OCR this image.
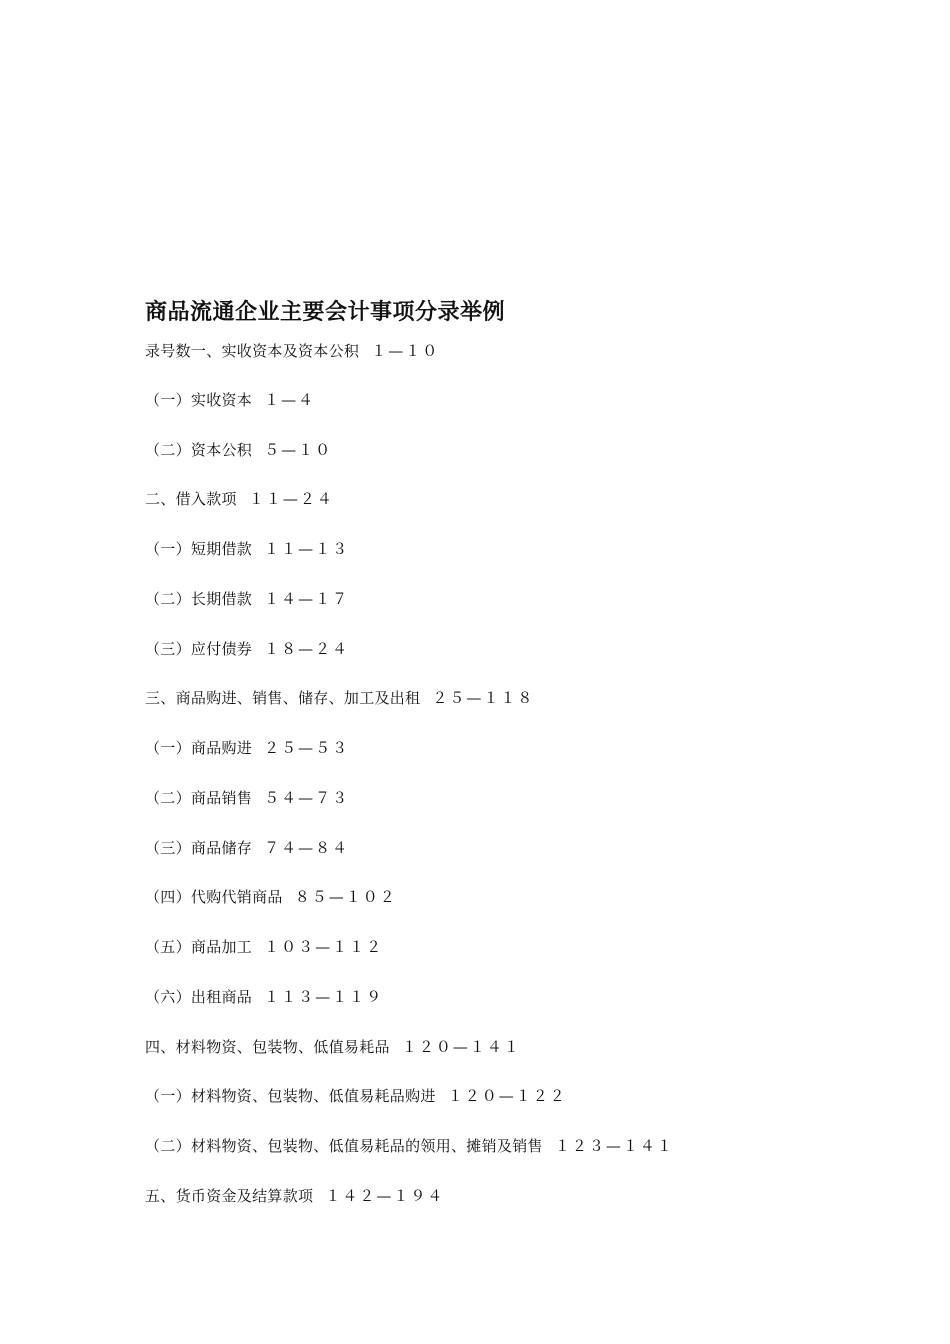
商品流通企业主要会计事项分录举例
录号数一、实收资本及资本公积 １—１０
（一）实收资本 １—４
（二）资本公积 ５—１０
二、借入款项 １１—２４
（一）短期借款 １１—１３
（二）长期借款 １４—１７
（三）应付债券 １８—２４
三、商品购进、销售、储存、加工及出租 ２５—１１８
（一）商品购进 ２５—５３
（二）商品销售 ５４—７３
（三）商品储存 ７４—８４
（四）代购代销商品 ８５—１０２
（五）商品加工 １０３—１１２
（六）出租商品 １１３—１１９
四、材料物资、包装物、低值易耗品 １２０—１４１
（一）材料物资、包装物、低值易耗品购进 １２０—１２２
（二）材料物资、包装物、低值易耗品的领用、摊销及销售 １２３—１４１
五、货币资金及结算款项 １４２—１９４
